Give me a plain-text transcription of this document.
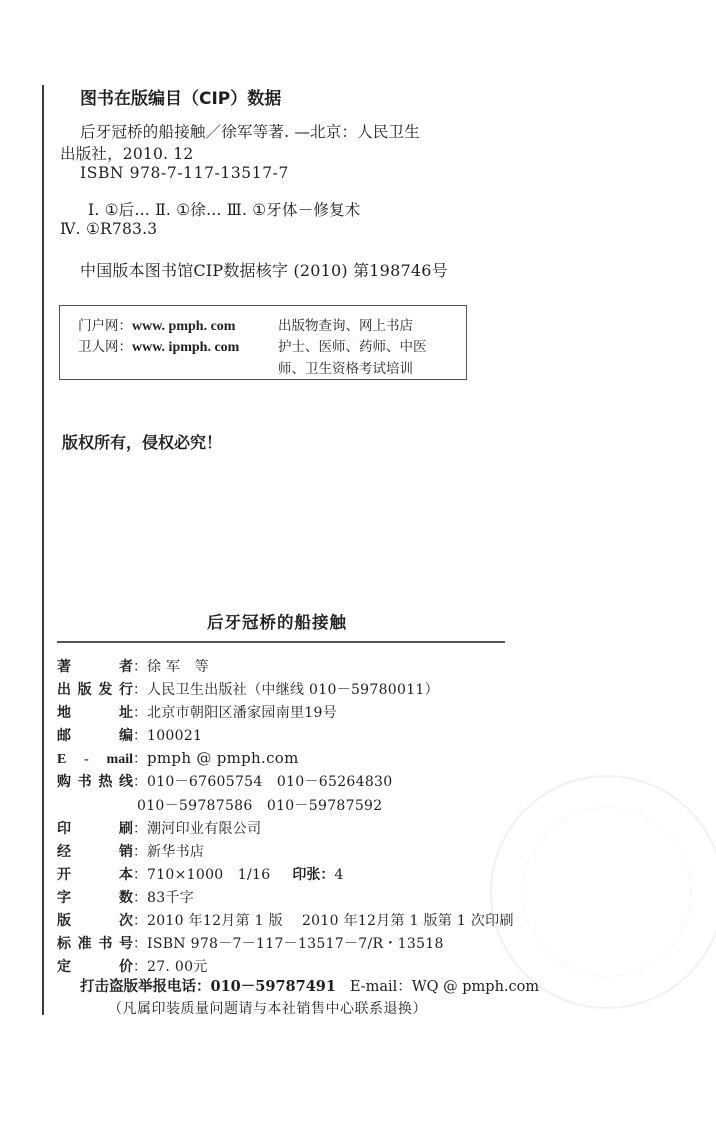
图书在版编目（CIP）数据
后牙冠桥的船接触／徐军等著. —北京：人民卫生
出版社，2010. 12
ISBN 978-7-117-13517-7
Ⅰ. ①后… Ⅱ. ①徐… Ⅲ. ①牙体－修复术
Ⅳ. ①R783.3
中国版本图书馆CIP数据核字 (2010) 第198746号
门户网：www. pmph. com	出版物查询、网上书店
卫人网：www. ipmph. com	护士、医师、药师、中医
师、卫生资格考试培训
版权所有，侵权必究！
后牙冠桥的船接触
著　者：徐 军　等
出版发行：人民卫生出版社（中继线 010－59780011）
地　址：北京市朝阳区潘家园南里19号
邮　编：100021
E - mail：pmph @ pmph.com
购书热线：010－67605754　010－65264830
010－59787586　010－59787592
印　刷：潮河印业有限公司
经　销：新华书店
开　本：710×1000　1/16 印张：4
字　数：83千字
版　次：2010 年12月第 1 版　 2010 年12月第 1 版第 1 次印刷
标准书号：ISBN 978－7－117－13517－7/R・13518
定　价：27. 00元
打击盗版举报电话：010－59787491 E-mail：WQ @ pmph.com
（凡属印装质量问题请与本社销售中心联系退换）
